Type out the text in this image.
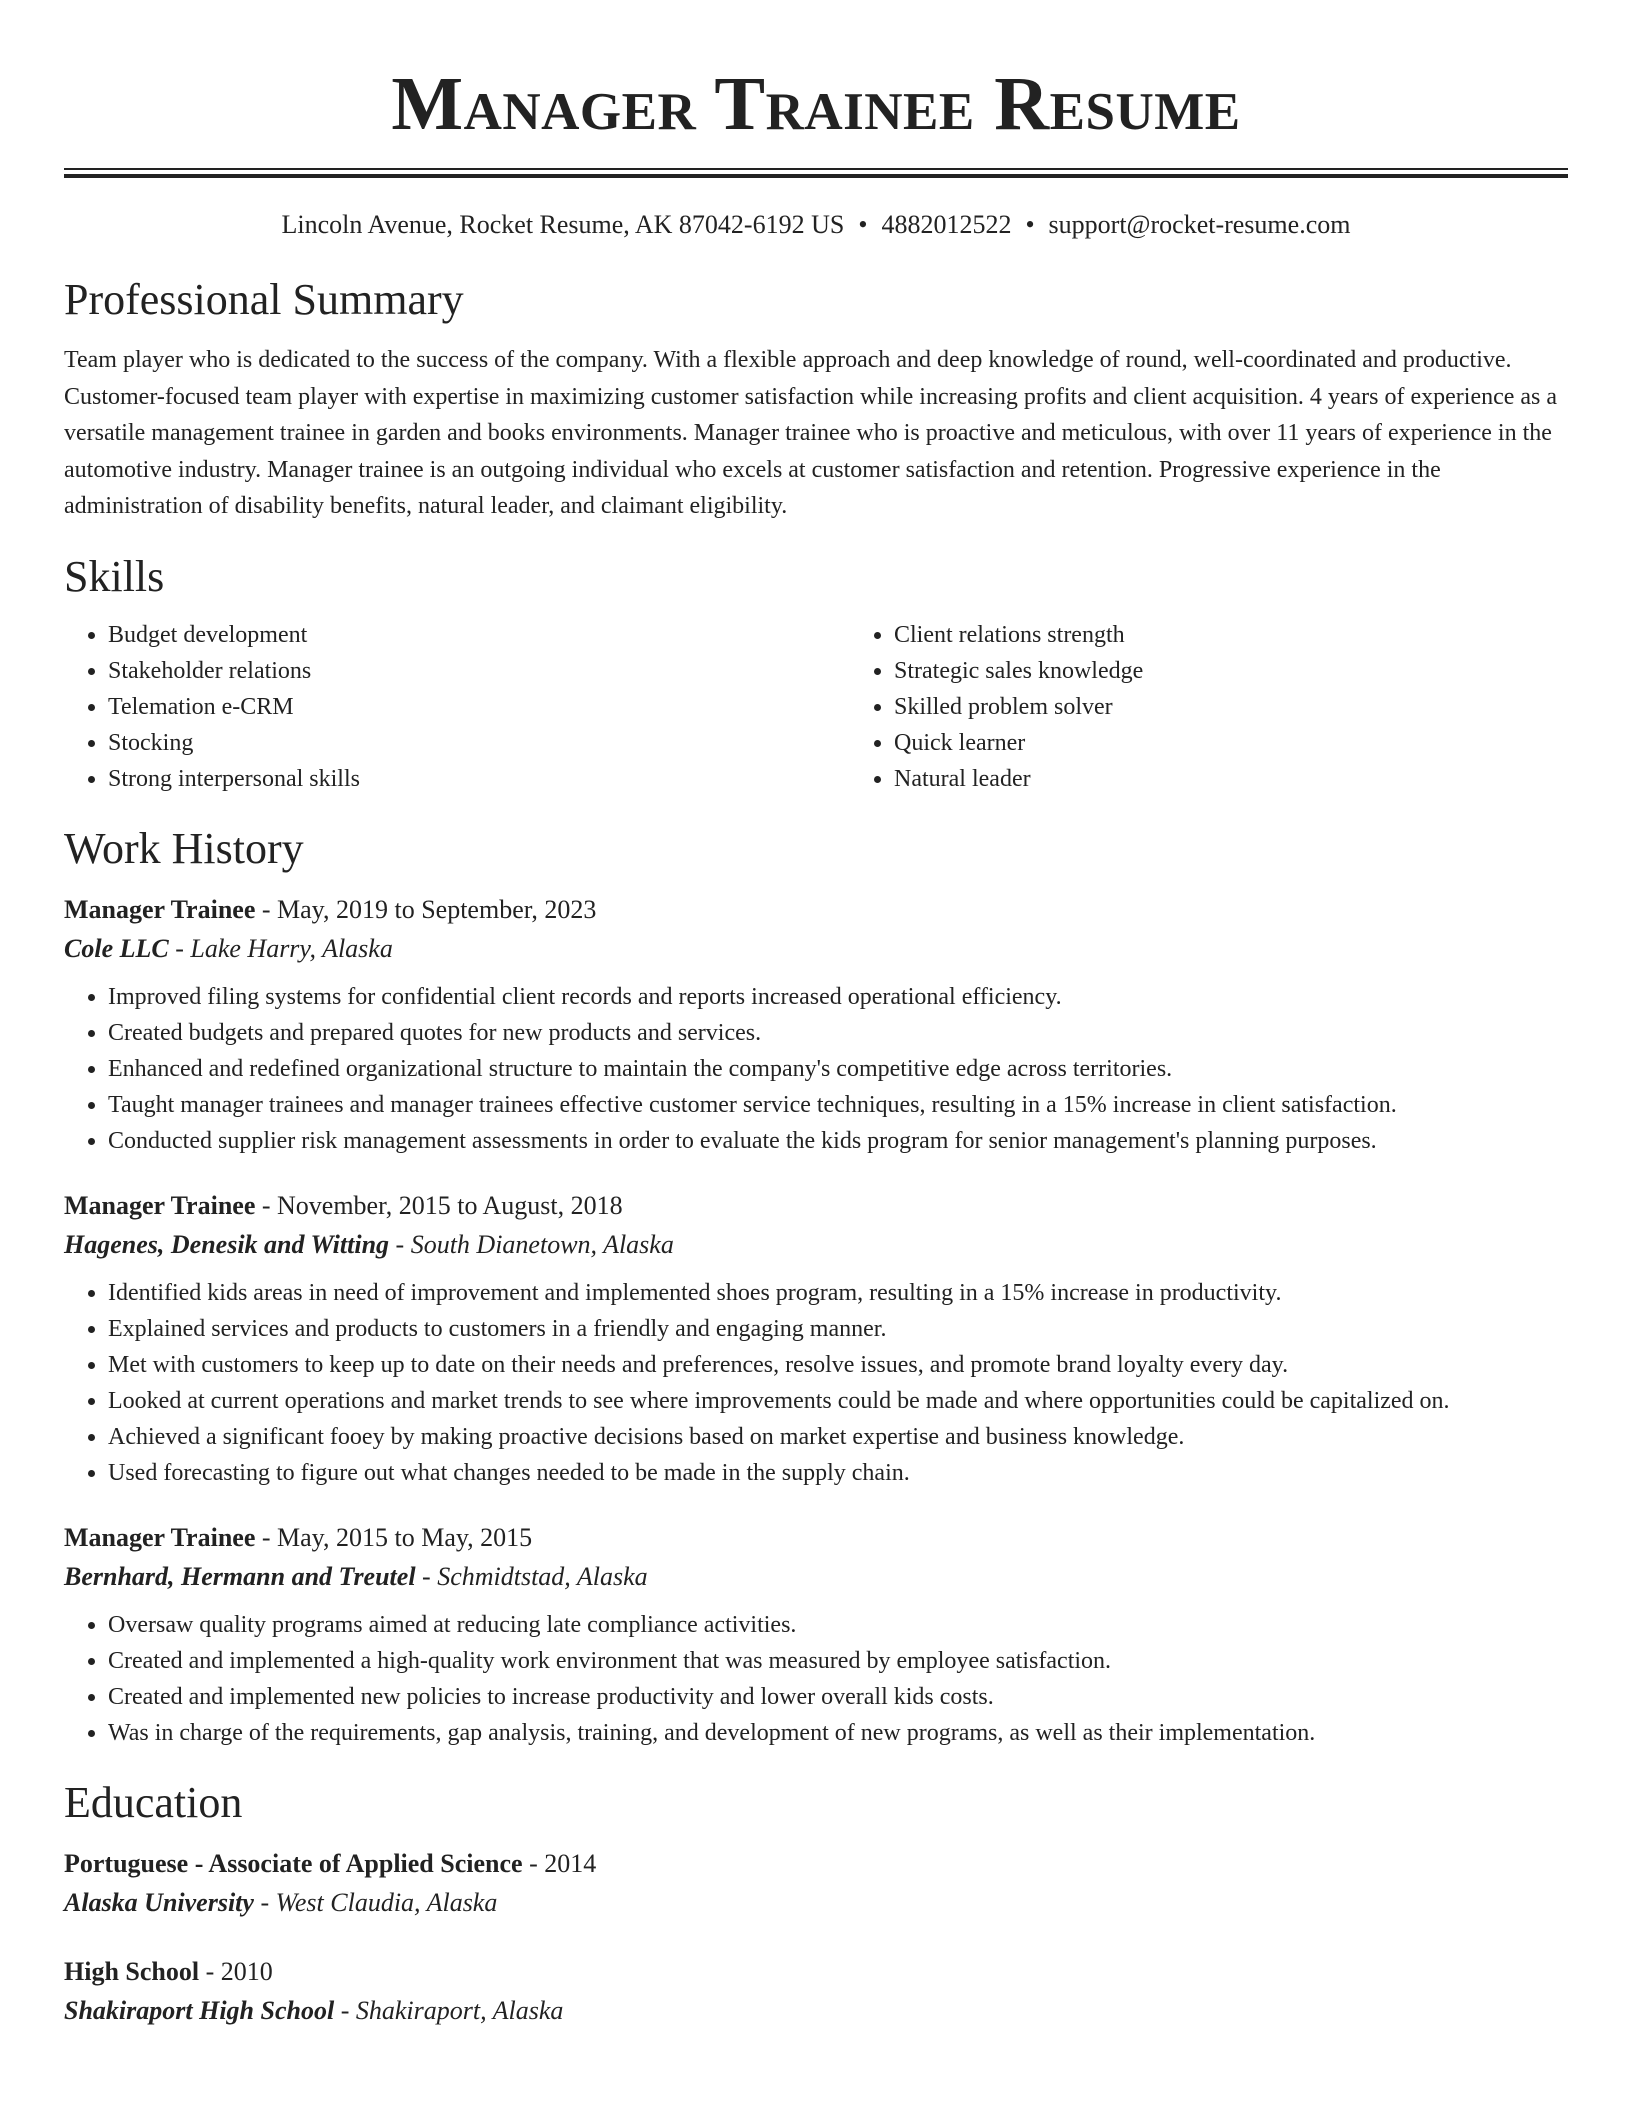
Manager Trainee Resume
Lincoln Avenue, Rocket Resume, AK 87042-6192 US • 4882012522 • support@rocket-resume.com
Professional Summary
Team player who is dedicated to the success of the company. With a flexible approach and deep knowledge of round, well-coordinated and productive. Customer-focused team player with expertise in maximizing customer satisfaction while increasing profits and client acquisition. 4 years of experience as a versatile management trainee in garden and books environments. Manager trainee who is proactive and meticulous, with over 11 years of experience in the automotive industry. Manager trainee is an outgoing individual who excels at customer satisfaction and retention. Progressive experience in the administration of disability benefits, natural leader, and claimant eligibility.
Skills
• Budget development
• Stakeholder relations
• Telemation e-CRM
• Stocking
• Strong interpersonal skills
• Client relations strength
• Strategic sales knowledge
• Skilled problem solver
• Quick learner
• Natural leader
Work History
Manager Trainee - May, 2019 to September, 2023
Cole LLC - Lake Harry, Alaska
• Improved filing systems for confidential client records and reports increased operational efficiency.
• Created budgets and prepared quotes for new products and services.
• Enhanced and redefined organizational structure to maintain the company's competitive edge across territories.
• Taught manager trainees and manager trainees effective customer service techniques, resulting in a 15% increase in client satisfaction.
• Conducted supplier risk management assessments in order to evaluate the kids program for senior management's planning purposes.
Manager Trainee - November, 2015 to August, 2018
Hagenes, Denesik and Witting - South Dianetown, Alaska
• Identified kids areas in need of improvement and implemented shoes program, resulting in a 15% increase in productivity.
• Explained services and products to customers in a friendly and engaging manner.
• Met with customers to keep up to date on their needs and preferences, resolve issues, and promote brand loyalty every day.
• Looked at current operations and market trends to see where improvements could be made and where opportunities could be capitalized on.
• Achieved a significant fooey by making proactive decisions based on market expertise and business knowledge.
• Used forecasting to figure out what changes needed to be made in the supply chain.
Manager Trainee - May, 2015 to May, 2015
Bernhard, Hermann and Treutel - Schmidtstad, Alaska
• Oversaw quality programs aimed at reducing late compliance activities.
• Created and implemented a high-quality work environment that was measured by employee satisfaction.
• Created and implemented new policies to increase productivity and lower overall kids costs.
• Was in charge of the requirements, gap analysis, training, and development of new programs, as well as their implementation.
Education
Portuguese - Associate of Applied Science - 2014
Alaska University - West Claudia, Alaska
High School - 2010
Shakiraport High School - Shakiraport, Alaska
